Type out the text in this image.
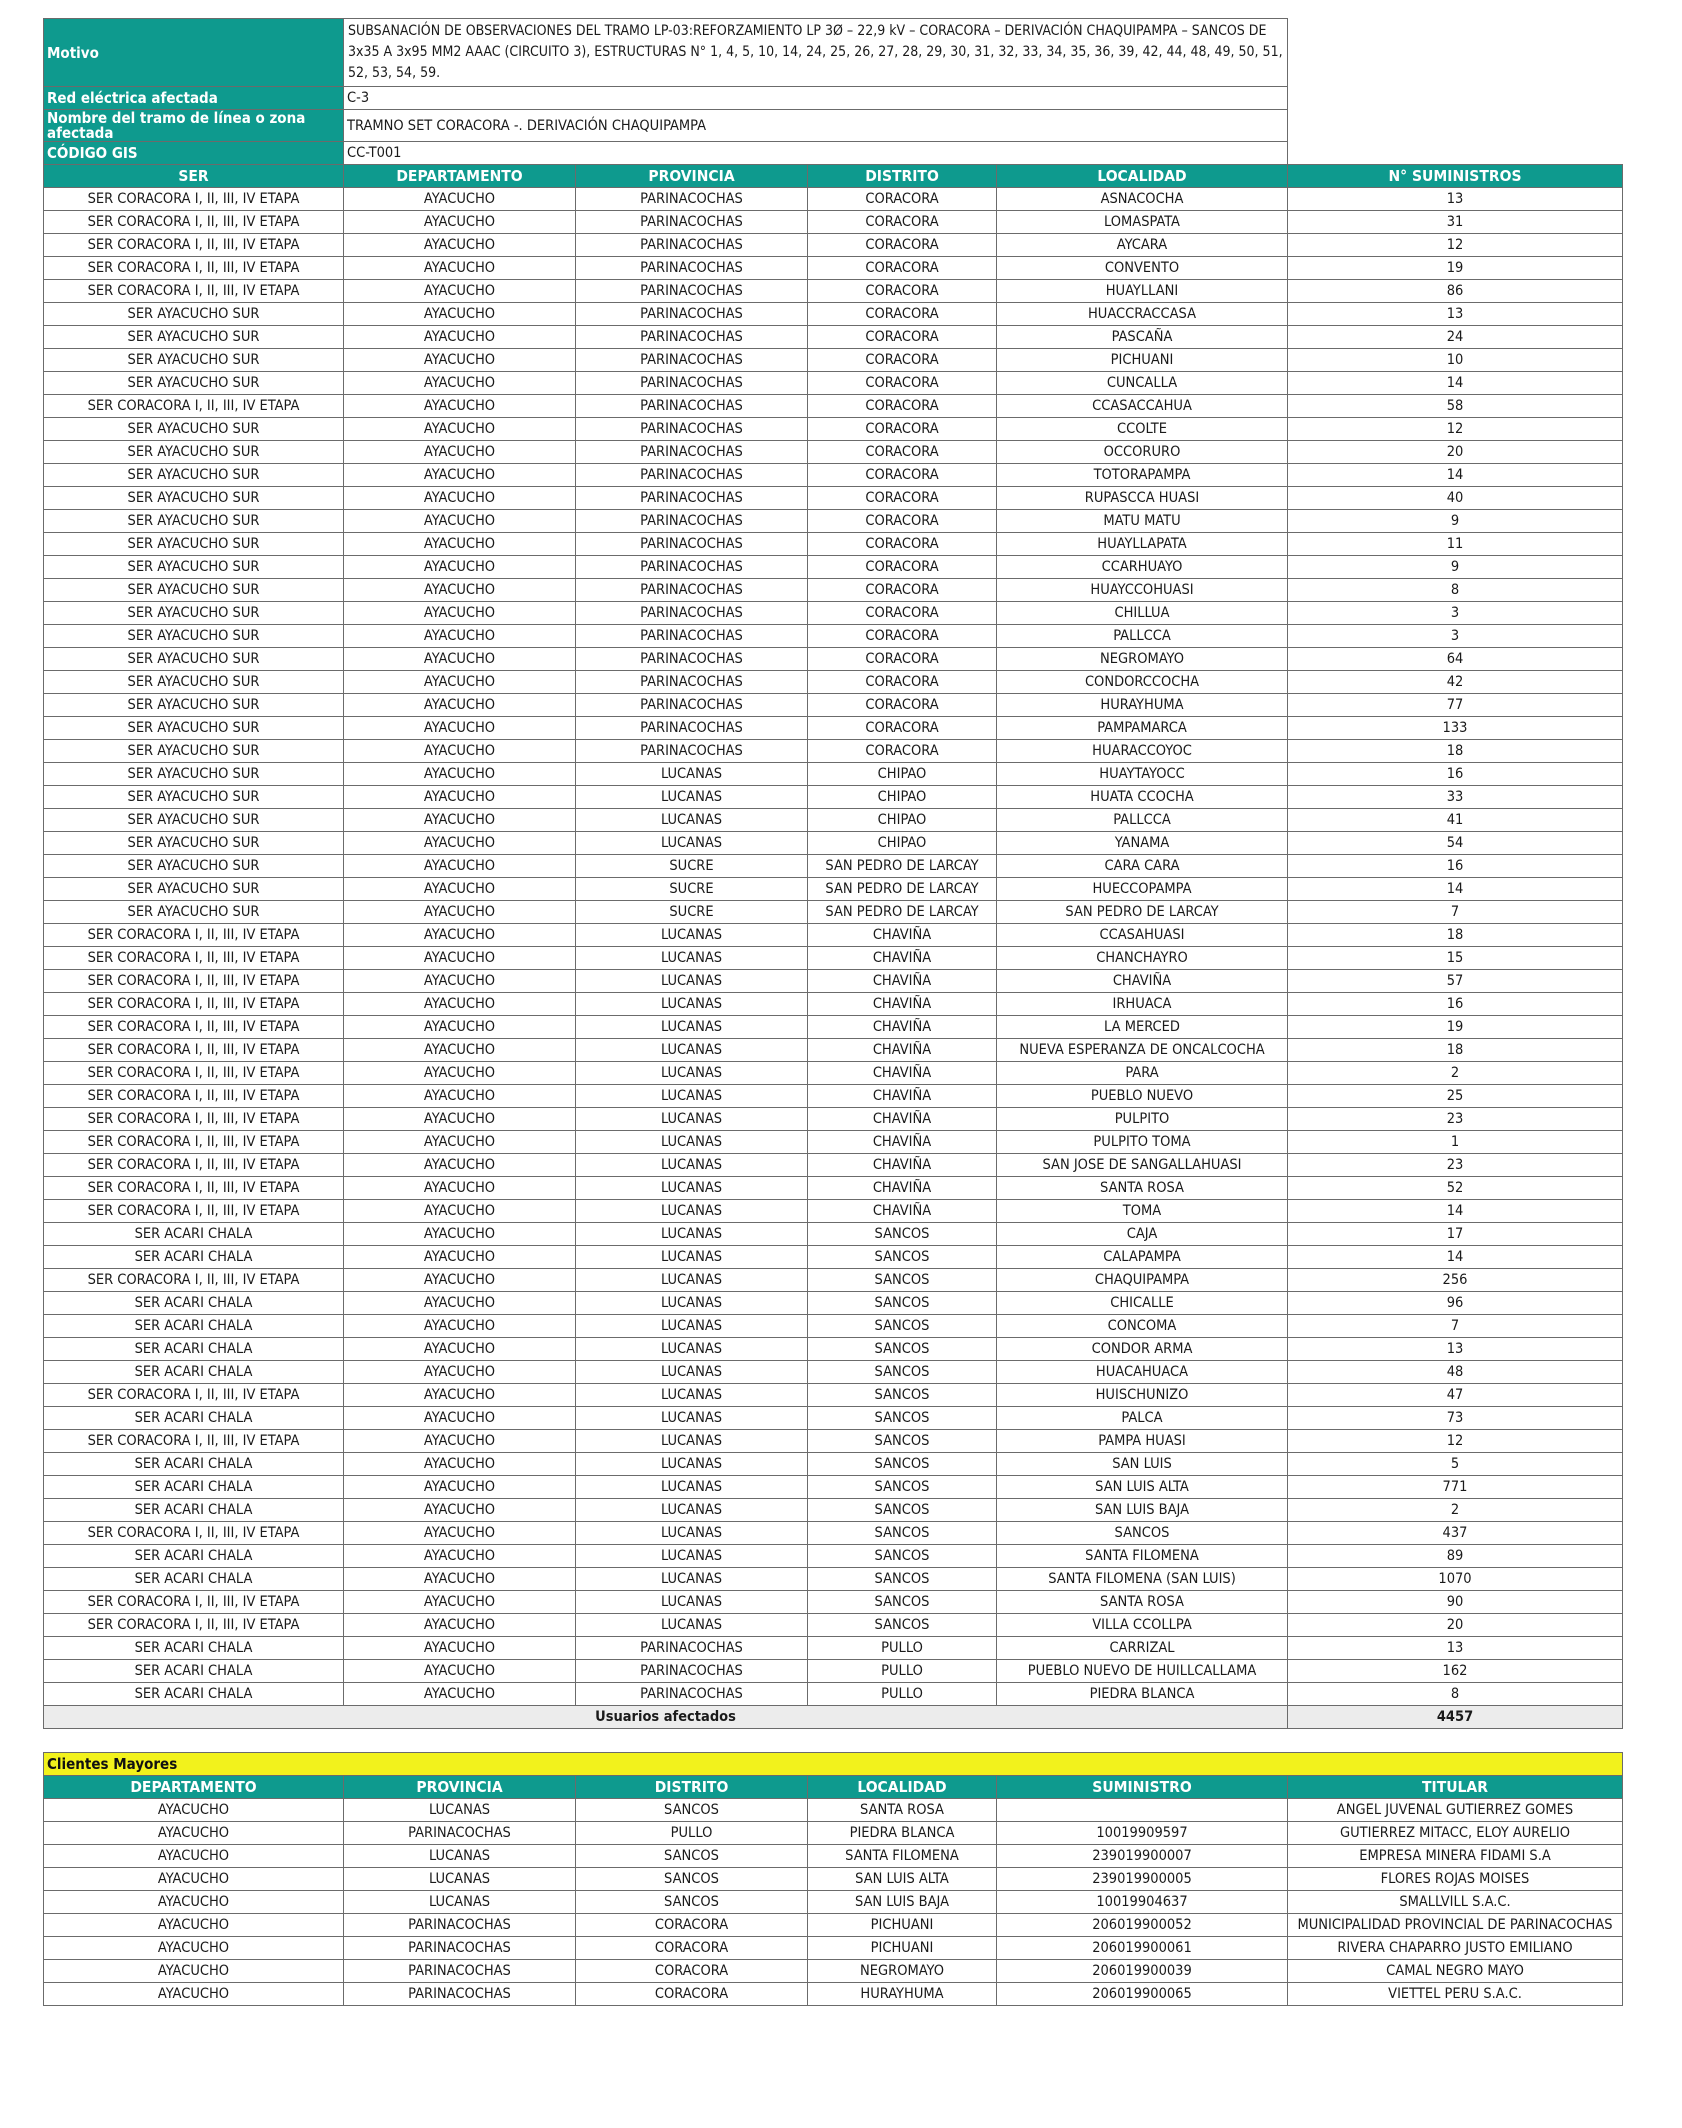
Motivo	SUBSANACIÓN DE OBSERVACIONES DEL TRAMO LP-03:REFORZAMIENTO LP 3Ø – 22,9 kV – CORACORA – DERIVACIÓN CHAQUIPAMPA – SANCOS DE 3x35 A 3x95 MM2 AAAC (CIRCUITO 3), ESTRUCTURAS N° 1, 4, 5, 10, 14, 24, 25, 26, 27, 28, 29, 30, 31, 32, 33, 34, 35, 36, 39, 42, 44, 48, 49, 50, 51, 52, 53, 54, 59.				
Red eléctrica afectada	C-3				
Nombre del tramo de línea o zona afectada	TRAMNO SET CORACORA -. DERIVACIÓN CHAQUIPAMPA				
CÓDIGO GIS	CC-T001				
SER	DEPARTAMENTO	PROVINCIA	DISTRITO	LOCALIDAD	N° SUMINISTROS
SER CORACORA I, II, III, IV ETAPA	AYACUCHO	PARINACOCHAS	CORACORA	ASNACOCHA	13
SER CORACORA I, II, III, IV ETAPA	AYACUCHO	PARINACOCHAS	CORACORA	LOMASPATA	31
SER CORACORA I, II, III, IV ETAPA	AYACUCHO	PARINACOCHAS	CORACORA	AYCARA	12
SER CORACORA I, II, III, IV ETAPA	AYACUCHO	PARINACOCHAS	CORACORA	CONVENTO	19
SER CORACORA I, II, III, IV ETAPA	AYACUCHO	PARINACOCHAS	CORACORA	HUAYLLANI	86
SER AYACUCHO SUR	AYACUCHO	PARINACOCHAS	CORACORA	HUACCRACCASA	13
SER AYACUCHO SUR	AYACUCHO	PARINACOCHAS	CORACORA	PASCAÑA	24
SER AYACUCHO SUR	AYACUCHO	PARINACOCHAS	CORACORA	PICHUANI	10
SER AYACUCHO SUR	AYACUCHO	PARINACOCHAS	CORACORA	CUNCALLA	14
SER CORACORA I, II, III, IV ETAPA	AYACUCHO	PARINACOCHAS	CORACORA	CCASACCAHUA	58
SER AYACUCHO SUR	AYACUCHO	PARINACOCHAS	CORACORA	CCOLTE	12
SER AYACUCHO SUR	AYACUCHO	PARINACOCHAS	CORACORA	OCCORURO	20
SER AYACUCHO SUR	AYACUCHO	PARINACOCHAS	CORACORA	TOTORAPAMPA	14
SER AYACUCHO SUR	AYACUCHO	PARINACOCHAS	CORACORA	RUPASCCA HUASI	40
SER AYACUCHO SUR	AYACUCHO	PARINACOCHAS	CORACORA	MATU MATU	9
SER AYACUCHO SUR	AYACUCHO	PARINACOCHAS	CORACORA	HUAYLLAPATA	11
SER AYACUCHO SUR	AYACUCHO	PARINACOCHAS	CORACORA	CCARHUAYO	9
SER AYACUCHO SUR	AYACUCHO	PARINACOCHAS	CORACORA	HUAYCCOHUASI	8
SER AYACUCHO SUR	AYACUCHO	PARINACOCHAS	CORACORA	CHILLUA	3
SER AYACUCHO SUR	AYACUCHO	PARINACOCHAS	CORACORA	PALLCCA	3
SER AYACUCHO SUR	AYACUCHO	PARINACOCHAS	CORACORA	NEGROMAYO	64
SER AYACUCHO SUR	AYACUCHO	PARINACOCHAS	CORACORA	CONDORCCOCHA	42
SER AYACUCHO SUR	AYACUCHO	PARINACOCHAS	CORACORA	HURAYHUMA	77
SER AYACUCHO SUR	AYACUCHO	PARINACOCHAS	CORACORA	PAMPAMARCA	133
SER AYACUCHO SUR	AYACUCHO	PARINACOCHAS	CORACORA	HUARACCOYOC	18
SER AYACUCHO SUR	AYACUCHO	LUCANAS	CHIPAO	HUAYTAYOCC	16
SER AYACUCHO SUR	AYACUCHO	LUCANAS	CHIPAO	HUATA CCOCHA	33
SER AYACUCHO SUR	AYACUCHO	LUCANAS	CHIPAO	PALLCCA	41
SER AYACUCHO SUR	AYACUCHO	LUCANAS	CHIPAO	YANAMA	54
SER AYACUCHO SUR	AYACUCHO	SUCRE	SAN PEDRO DE LARCAY	CARA CARA	16
SER AYACUCHO SUR	AYACUCHO	SUCRE	SAN PEDRO DE LARCAY	HUECCOPAMPA	14
SER AYACUCHO SUR	AYACUCHO	SUCRE	SAN PEDRO DE LARCAY	SAN PEDRO DE LARCAY	7
SER CORACORA I, II, III, IV ETAPA	AYACUCHO	LUCANAS	CHAVIÑA	CCASAHUASI	18
SER CORACORA I, II, III, IV ETAPA	AYACUCHO	LUCANAS	CHAVIÑA	CHANCHAYRO	15
SER CORACORA I, II, III, IV ETAPA	AYACUCHO	LUCANAS	CHAVIÑA	CHAVIÑA	57
SER CORACORA I, II, III, IV ETAPA	AYACUCHO	LUCANAS	CHAVIÑA	IRHUACA	16
SER CORACORA I, II, III, IV ETAPA	AYACUCHO	LUCANAS	CHAVIÑA	LA MERCED	19
SER CORACORA I, II, III, IV ETAPA	AYACUCHO	LUCANAS	CHAVIÑA	NUEVA ESPERANZA DE ONCALCOCHA	18
SER CORACORA I, II, III, IV ETAPA	AYACUCHO	LUCANAS	CHAVIÑA	PARA	2
SER CORACORA I, II, III, IV ETAPA	AYACUCHO	LUCANAS	CHAVIÑA	PUEBLO NUEVO	25
SER CORACORA I, II, III, IV ETAPA	AYACUCHO	LUCANAS	CHAVIÑA	PULPITO	23
SER CORACORA I, II, III, IV ETAPA	AYACUCHO	LUCANAS	CHAVIÑA	PULPITO TOMA	1
SER CORACORA I, II, III, IV ETAPA	AYACUCHO	LUCANAS	CHAVIÑA	SAN JOSE DE SANGALLAHUASI	23
SER CORACORA I, II, III, IV ETAPA	AYACUCHO	LUCANAS	CHAVIÑA	SANTA ROSA	52
SER CORACORA I, II, III, IV ETAPA	AYACUCHO	LUCANAS	CHAVIÑA	TOMA	14
SER ACARI CHALA	AYACUCHO	LUCANAS	SANCOS	CAJA	17
SER ACARI CHALA	AYACUCHO	LUCANAS	SANCOS	CALAPAMPA	14
SER CORACORA I, II, III, IV ETAPA	AYACUCHO	LUCANAS	SANCOS	CHAQUIPAMPA	256
SER ACARI CHALA	AYACUCHO	LUCANAS	SANCOS	CHICALLE	96
SER ACARI CHALA	AYACUCHO	LUCANAS	SANCOS	CONCOMA	7
SER ACARI CHALA	AYACUCHO	LUCANAS	SANCOS	CONDOR ARMA	13
SER ACARI CHALA	AYACUCHO	LUCANAS	SANCOS	HUACAHUACA	48
SER CORACORA I, II, III, IV ETAPA	AYACUCHO	LUCANAS	SANCOS	HUISCHUNIZO	47
SER ACARI CHALA	AYACUCHO	LUCANAS	SANCOS	PALCA	73
SER CORACORA I, II, III, IV ETAPA	AYACUCHO	LUCANAS	SANCOS	PAMPA HUASI	12
SER ACARI CHALA	AYACUCHO	LUCANAS	SANCOS	SAN LUIS	5
SER ACARI CHALA	AYACUCHO	LUCANAS	SANCOS	SAN LUIS ALTA	771
SER ACARI CHALA	AYACUCHO	LUCANAS	SANCOS	SAN LUIS BAJA	2
SER CORACORA I, II, III, IV ETAPA	AYACUCHO	LUCANAS	SANCOS	SANCOS	437
SER ACARI CHALA	AYACUCHO	LUCANAS	SANCOS	SANTA FILOMENA	89
SER ACARI CHALA	AYACUCHO	LUCANAS	SANCOS	SANTA FILOMENA (SAN LUIS)	1070
SER CORACORA I, II, III, IV ETAPA	AYACUCHO	LUCANAS	SANCOS	SANTA ROSA	90
SER CORACORA I, II, III, IV ETAPA	AYACUCHO	LUCANAS	SANCOS	VILLA CCOLLPA	20
SER ACARI CHALA	AYACUCHO	PARINACOCHAS	PULLO	CARRIZAL	13
SER ACARI CHALA	AYACUCHO	PARINACOCHAS	PULLO	PUEBLO NUEVO DE HUILLCALLAMA	162
SER ACARI CHALA	AYACUCHO	PARINACOCHAS	PULLO	PIEDRA BLANCA	8
Usuarios afectados					4457
Clientes Mayores					
DEPARTAMENTO	PROVINCIA	DISTRITO	LOCALIDAD	SUMINISTRO	TITULAR
AYACUCHO	LUCANAS	SANCOS	SANTA ROSA		ANGEL JUVENAL GUTIERREZ GOMES
AYACUCHO	PARINACOCHAS	PULLO	PIEDRA BLANCA	10019909597	GUTIERREZ MITACC, ELOY AURELIO
AYACUCHO	LUCANAS	SANCOS	SANTA FILOMENA	239019900007	EMPRESA MINERA FIDAMI S.A
AYACUCHO	LUCANAS	SANCOS	SAN LUIS ALTA	239019900005	FLORES ROJAS MOISES
AYACUCHO	LUCANAS	SANCOS	SAN LUIS BAJA	10019904637	SMALLVILL S.A.C.
AYACUCHO	PARINACOCHAS	CORACORA	PICHUANI	206019900052	MUNICIPALIDAD PROVINCIAL DE PARINACOCHAS
AYACUCHO	PARINACOCHAS	CORACORA	PICHUANI	206019900061	RIVERA CHAPARRO JUSTO EMILIANO
AYACUCHO	PARINACOCHAS	CORACORA	NEGROMAYO	206019900039	CAMAL NEGRO MAYO
AYACUCHO	PARINACOCHAS	CORACORA	HURAYHUMA	206019900065	VIETTEL PERU S.A.C.
